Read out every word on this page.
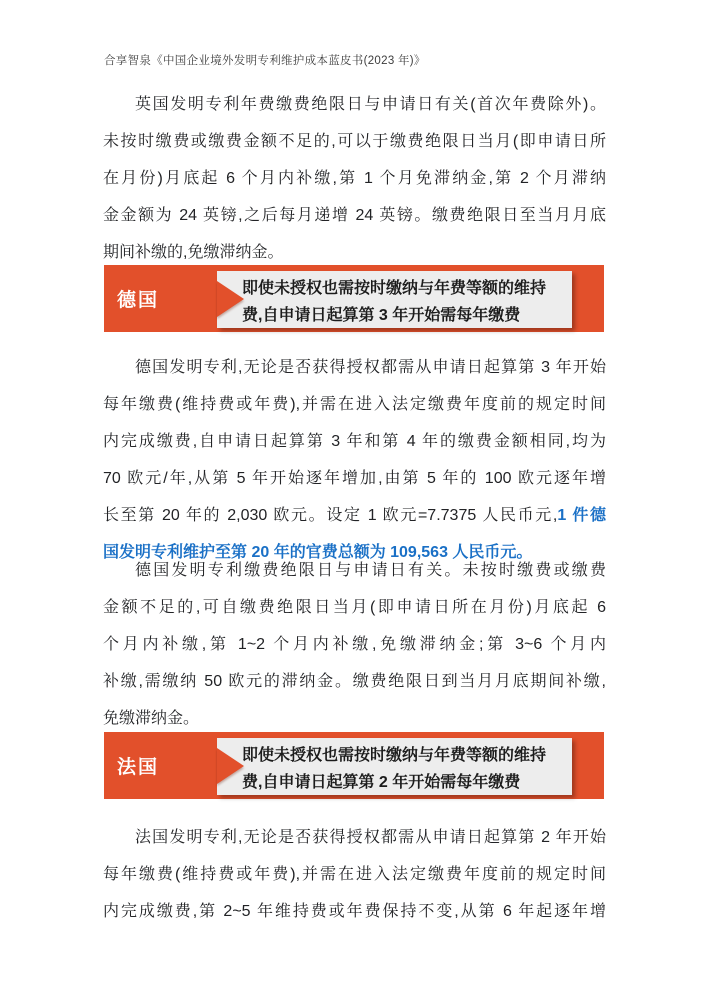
合享智泉《中国企业境外发明专利维护成本蓝皮书(2023 年)》
英国发明专利年费缴费绝限日与申请日有关(首次年费除外)。
未按时缴费或缴费金额不足的,可以于缴费绝限日当月(即申请日所
在月份)月底起 6 个月内补缴,第 1 个月免滞纳金,第 2 个月滞纳
金金额为 24 英镑,之后每月递增 24 英镑。缴费绝限日至当月月底
期间补缴的,免缴滞纳金。
德国
即使未授权也需按时缴纳与年费等额的维持
费,自申请日起算第 3 年开始需每年缴费
德国发明专利,无论是否获得授权都需从申请日起算第 3 年开始
每年缴费(维持费或年费),并需在进入法定缴费年度前的规定时间
内完成缴费,自申请日起算第 3 年和第 4 年的缴费金额相同,均为
70 欧元/年,从第 5 年开始逐年增加,由第 5 年的 100 欧元逐年增
长至第 20 年的 2,030 欧元。设定 1 欧元=7.7375 人民币元,1 件德
国发明专利维护至第 20 年的官费总额为 109,563 人民币元。
德国发明专利缴费绝限日与申请日有关。未按时缴费或缴费
金额不足的,可自缴费绝限日当月(即申请日所在月份)月底起 6
个月内补缴,第 1~2 个月内补缴,免缴滞纳金;第 3~6 个月内
补缴,需缴纳 50 欧元的滞纳金。缴费绝限日到当月月底期间补缴,
免缴滞纳金。
法国
即使未授权也需按时缴纳与年费等额的维持
费,自申请日起算第 2 年开始需每年缴费
法国发明专利,无论是否获得授权都需从申请日起算第 2 年开始
每年缴费(维持费或年费),并需在进入法定缴费年度前的规定时间
内完成缴费,第 2~5 年维持费或年费保持不变,从第 6 年起逐年增
